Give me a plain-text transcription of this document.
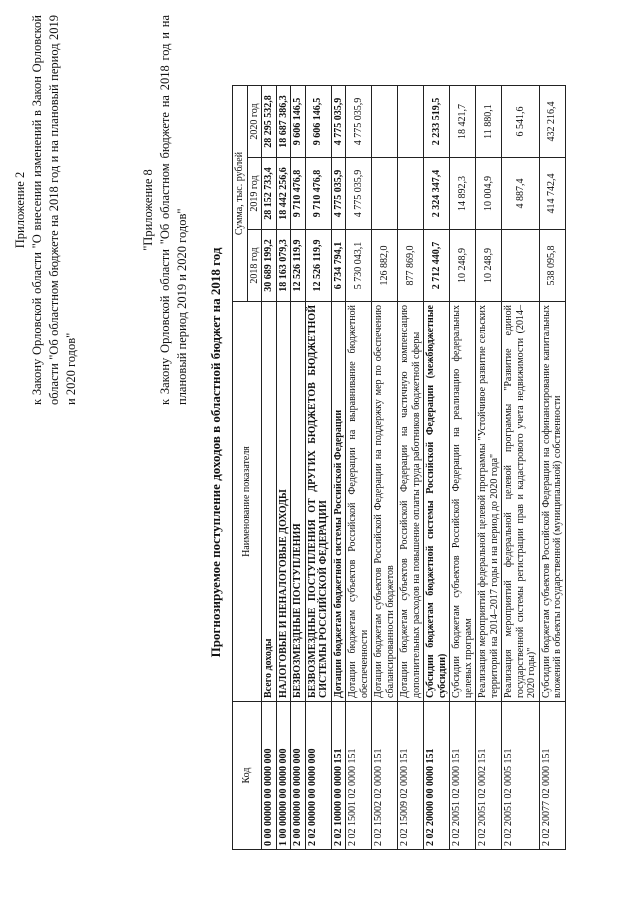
Приложение 2 к Закону Орловской области "О внесении изменений в Закон Орловской области "Об областном бюджете на 2018 год и на плановый период 2019 и 2020 годов"
"Приложение 8 к Закону Орловской области "Об областном бюджете на 2018 год и на плановый период 2019 и 2020 годов" Прогнозируемое поступление доходов в областной бюджет на 2018 год
Код	Наименование показателя	Сумма, тыс. рублей		
		2018 год	2019 год	2020 год
0 00 00000 00 0000 000	Всего доходы	30 689 199,2	28 152 733,4	28 295 532,8
1 00 00000 00 0000 000	НАЛОГОВЫЕ И НЕНАЛОГОВЫЕ ДОХОДЫ	18 163 079,3	18 442 256,6	18 687 386,3
2 00 00000 00 0000 000	БЕЗВОЗМЕЗДНЫЕ ПОСТУПЛЕНИЯ	12 526 119,9	9 710 476,8	9 606 146,5
2 02 00000 00 0000 000	БЕЗВОЗМЕЗДНЫЕ ПОСТУПЛЕНИЯ ОТ ДРУГИХ БЮДЖЕТОВ БЮДЖЕТНОЙ СИСТЕМЫ РОССИЙСКОЙ ФЕДЕРАЦИИ	12 526 119,9	9 710 476,8	9 606 146,5
2 02 10000 00 0000 151	Дотации бюджетам бюджетной системы Российской Федерации	6 734 794,1	4 775 035,9	4 775 035,9
2 02 15001 02 0000 151	Дотации бюджетам субъектов Российской Федерации на выравнивание бюджетной обеспеченности	5 730 043,1	4 775 035,9	4 775 035,9
2 02 15002 02 0000 151	Дотации бюджетам субъектов Российской Федерации на поддержку мер по обеспечению сбалансированности бюджетов	126 882,0		
2 02 15009 02 0000 151	Дотации бюджетам субъектов Российской Федерации на частичную компенсацию дополнительных расходов на повышение оплаты труда работников бюджетной сферы	877 869,0		
2 02 20000 00 0000 151	Субсидии бюджетам бюджетной системы Российской Федерации (межбюджетные субсидии)	2 712 440,7	2 324 347,4	2 233 519,5
2 02 20051 02 0000 151	Субсидии бюджетам субъектов Российской Федерации на реализацию федеральных целевых программ	10 248,9	14 892,3	18 421,7
2 02 20051 02 0002 151	Реализация мероприятий федеральной целевой программы "Устойчивое развитие сельских территорий на 2014–2017 годы и на период до 2020 года"	10 248,9	10 004,9	11 880,1
2 02 20051 02 0005 151	Реализация мероприятий федеральной целевой программы "Развитие единой государственной системы регистрации прав и кадастрового учета недвижимости (2014–2020 годы)"		4 887,4	6 541,6
2 02 20077 02 0000 151	Субсидии бюджетам субъектов Российской Федерации на софинансирование капитальных вложений в объекты государственной (муниципальной) собственности	538 095,8	414 742,4	432 216,4
